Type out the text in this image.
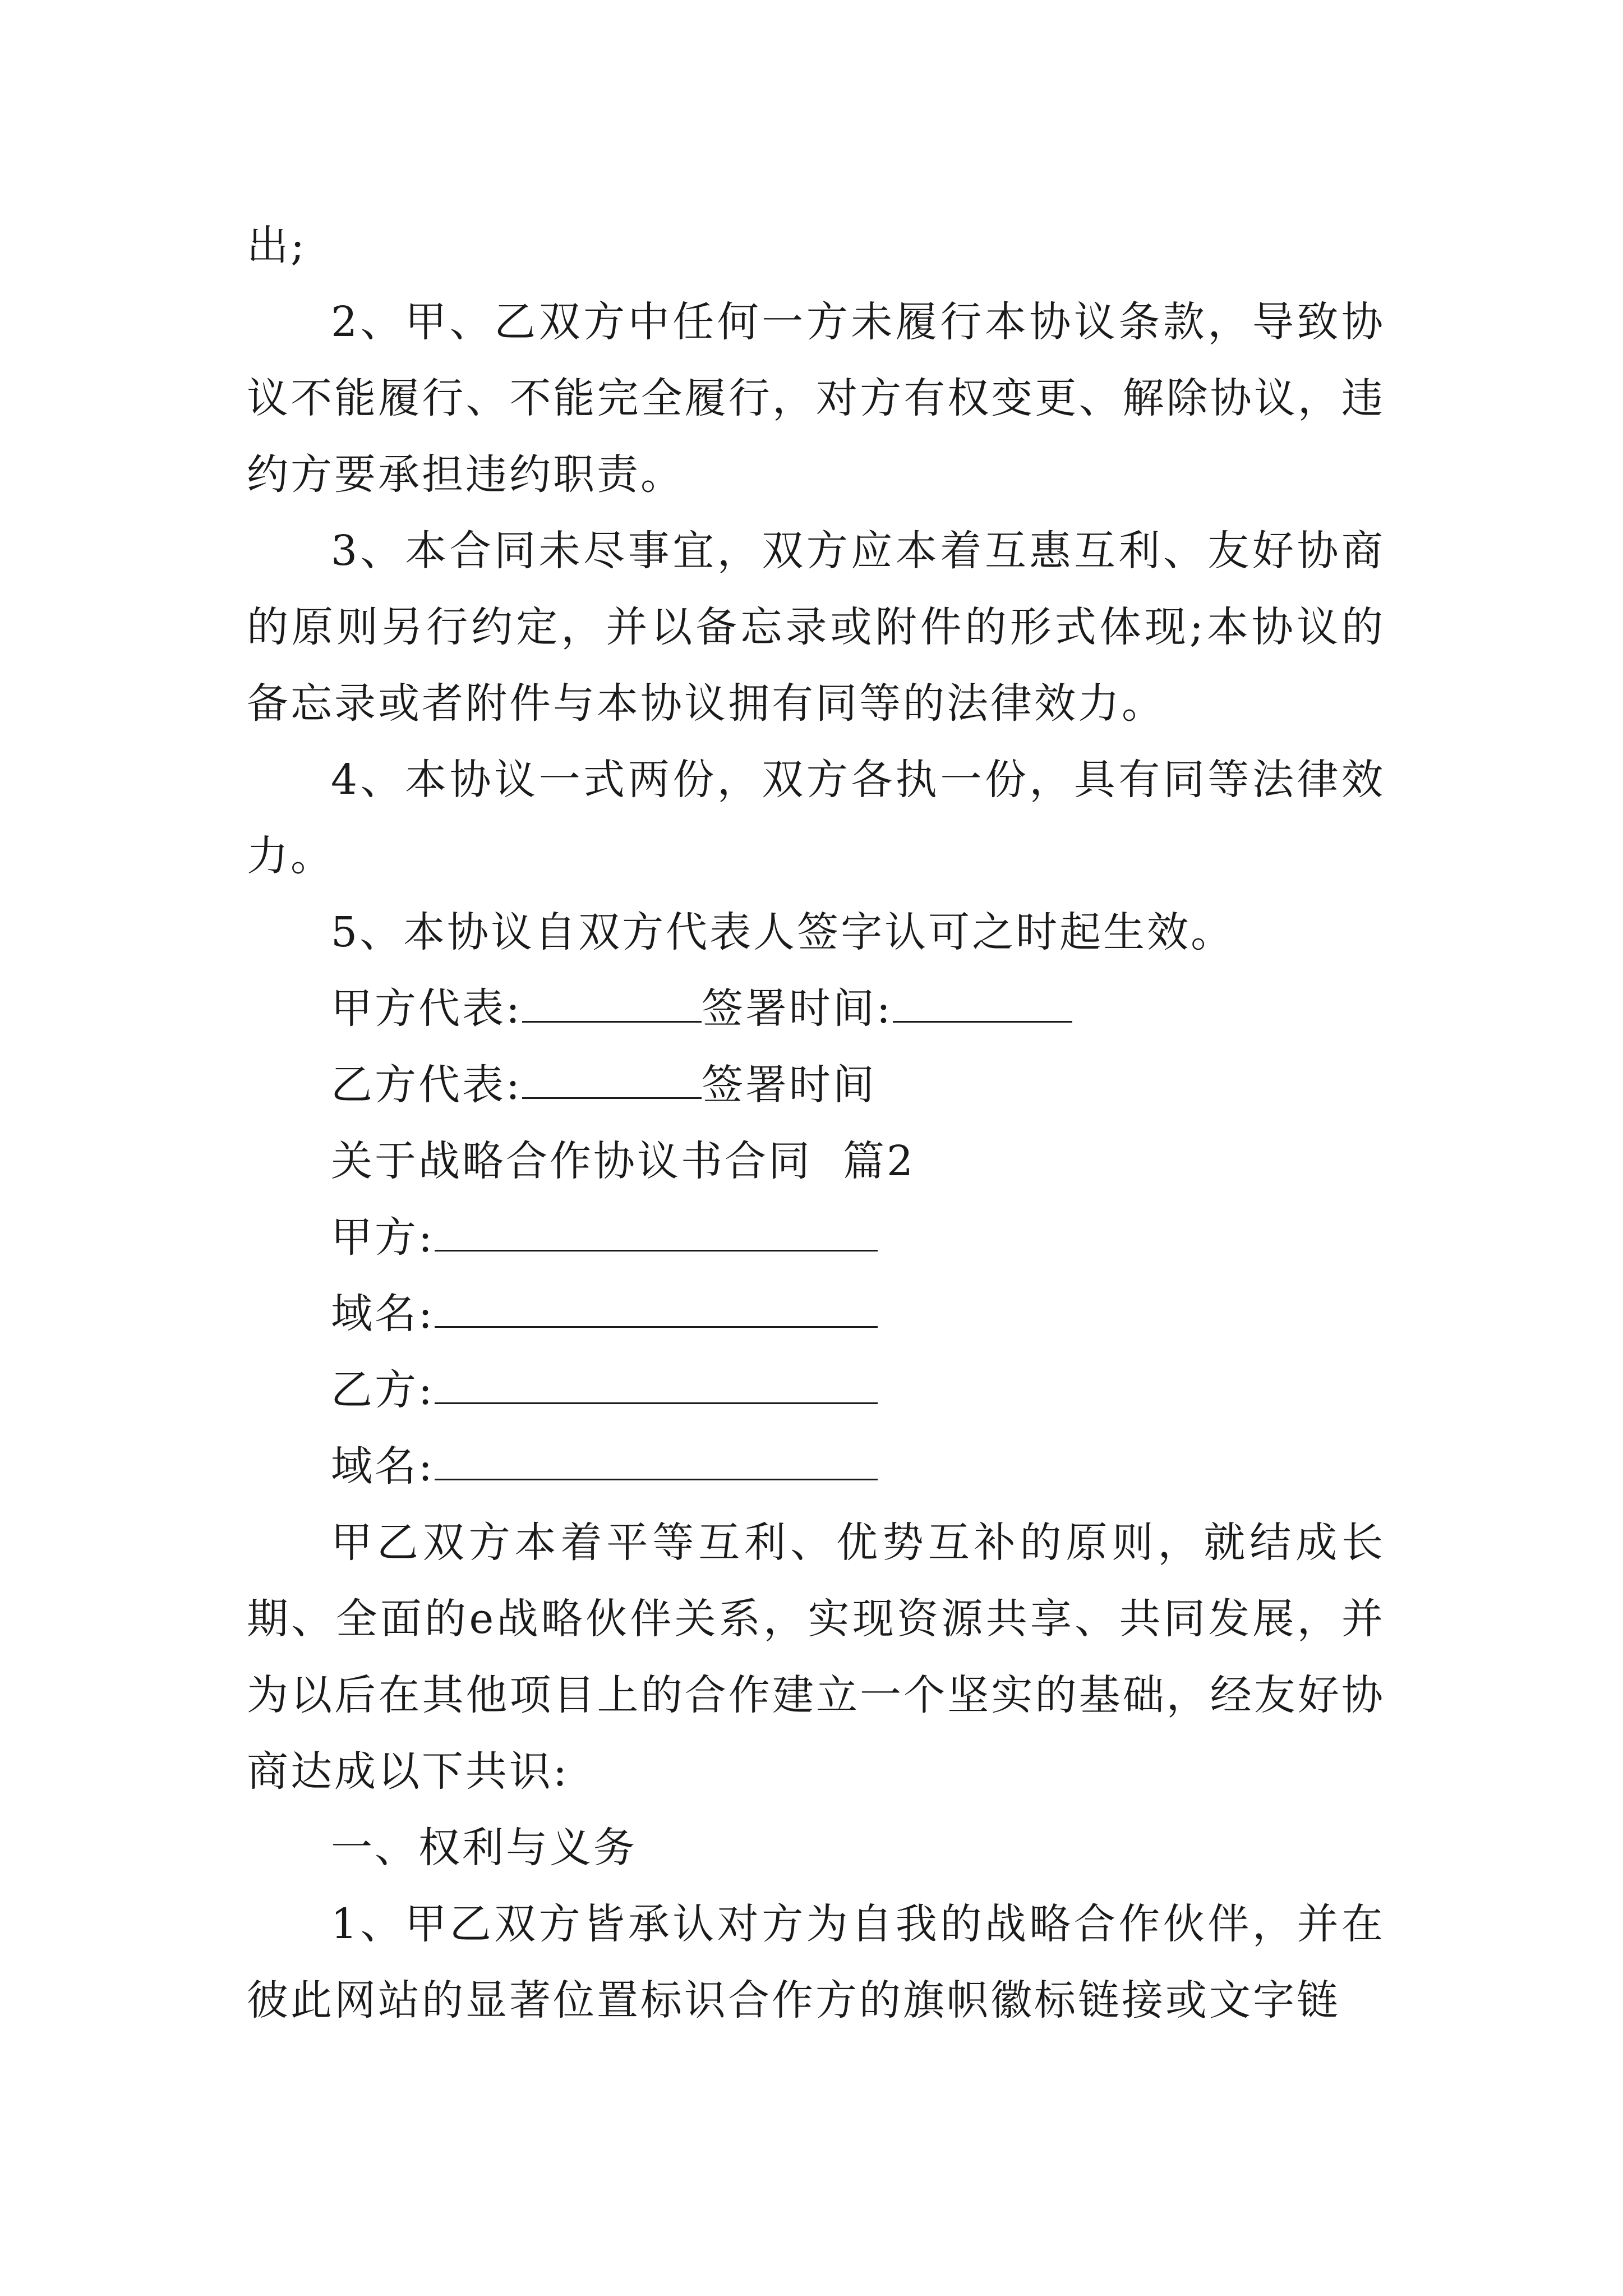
出;

2、甲、乙双方中任何一方未履行本协议条款，导致协议不能履行、不能完全履行，对方有权变更、解除协议，违约方要承担违约职责。

3、本合同未尽事宜，双方应本着互惠互利、友好协商的原则另行约定，并以备忘录或附件的形式体现;本协议的备忘录或者附件与本协议拥有同等的法律效力。

4、本协议一式两份，双方各执一份，具有同等法律效力。

5、本协议自双方代表人签字认可之时起生效。

甲方代表:	签署时间:

乙方代表:	签署时间

关于战略合作协议书合同  篇2

甲方:

域名:

乙方:

域名:

甲乙双方本着平等互利、优势互补的原则，就结成长期、全面的e战略伙伴关系，实现资源共享、共同发展，并为以后在其他项目上的合作建立一个坚实的基础，经友好协商达成以下共识:

一、权利与义务

1、甲乙双方皆承认对方为自我的战略合作伙伴，并在彼此网站的显著位置标识合作方的旗帜徽标链接或文字链
